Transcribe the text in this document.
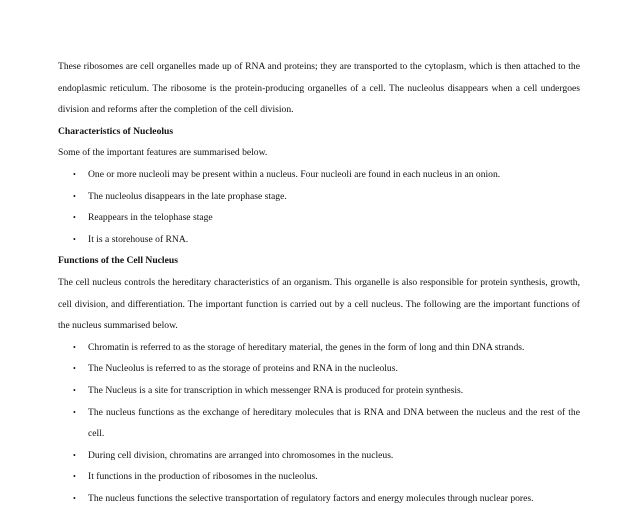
These ribosomes are cell organelles made up of RNA and proteins; they are transported to the cytoplasm, which is then attached to the endoplasmic reticulum. The ribosome is the protein-producing organelles of a cell. The nucleolus disappears when a cell undergoes division and reforms after the completion of the cell division.

Characteristics of Nucleolus

Some of the important features are summarised below.

• One or more nucleoli may be present within a nucleus. Four nucleoli are found in each nucleus in an onion.
• The nucleolus disappears in the late prophase stage.
• Reappears in the telophase stage
• It is a storehouse of RNA.

Functions of the Cell Nucleus

The cell nucleus controls the hereditary characteristics of an organism. This organelle is also responsible for protein synthesis, growth, cell division, and differentiation. The important function is carried out by a cell nucleus. The following are the important functions of the nucleus summarised below.

• Chromatin is referred to as the storage of hereditary material, the genes in the form of long and thin DNA strands.
• The Nucleolus is referred to as the storage of proteins and RNA in the nucleolus.
• The Nucleus is a site for transcription in which messenger RNA is produced for protein synthesis.
• The nucleus functions as the exchange of hereditary molecules that is RNA and DNA between the nucleus and the rest of the cell.
• During cell division, chromatins are arranged into chromosomes in the nucleus.
• It functions in the production of ribosomes in the nucleolus.
• The nucleus functions the selective transportation of regulatory factors and energy molecules through nuclear pores.
